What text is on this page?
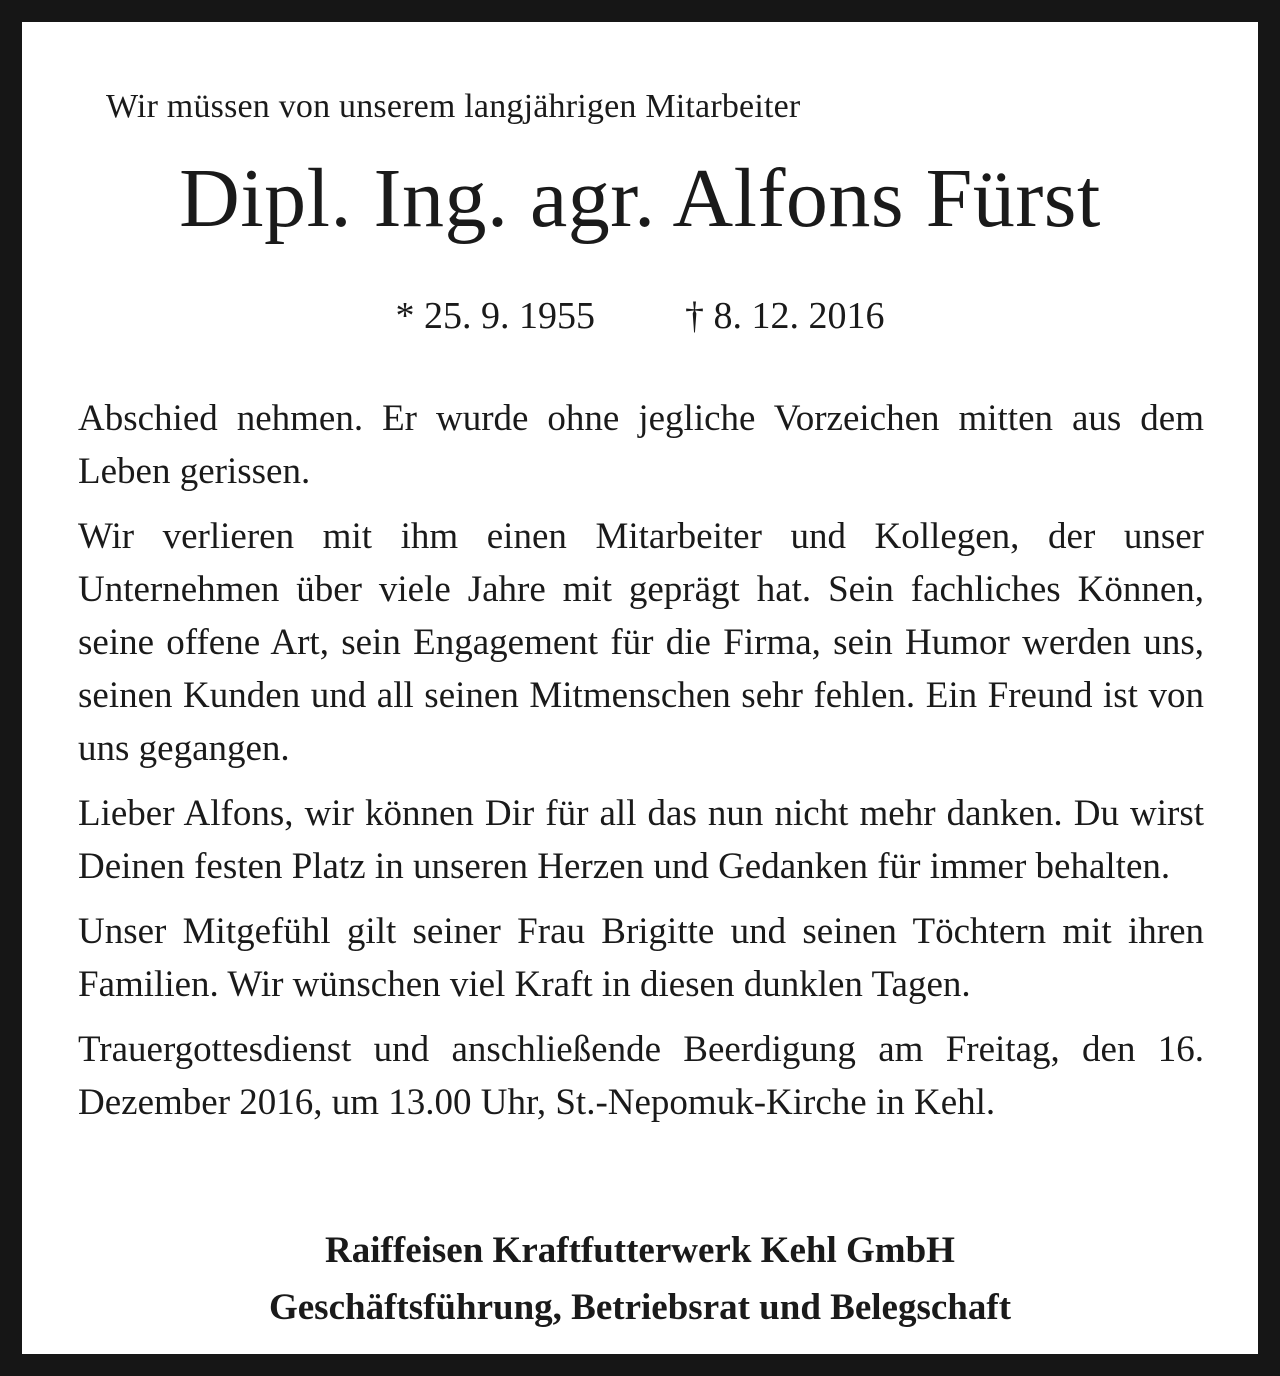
Wir müssen von unserem langjährigen Mitarbeiter
Dipl. Ing. agr. Alfons Fürst
* 25. 9. 1955 † 8. 12. 2016

Abschied nehmen. Er wurde ohne jegliche Vorzeichen mitten aus dem Leben gerissen.

Wir verlieren mit ihm einen Mitarbeiter und Kollegen, der unser Unternehmen über viele Jahre mit geprägt hat. Sein fachliches Können, seine offene Art, sein Engagement für die Firma, sein Humor werden uns, seinen Kunden und all seinen Mitmenschen sehr fehlen. Ein Freund ist von uns gegangen.

Lieber Alfons, wir können Dir für all das nun nicht mehr danken. Du wirst Deinen festen Platz in unseren Herzen und Gedanken für immer behalten.

Unser Mitgefühl gilt seiner Frau Brigitte und seinen Töchtern mit ihren Familien. Wir wünschen viel Kraft in diesen dunklen Tagen.

Trauergottesdienst und anschließende Beerdigung am Freitag, den 16. Dezember 2016, um 13.00 Uhr, St.-Nepomuk-Kirche in Kehl.

Raiffeisen Kraftfutterwerk Kehl GmbH
Geschäftsführung, Betriebsrat und Belegschaft
